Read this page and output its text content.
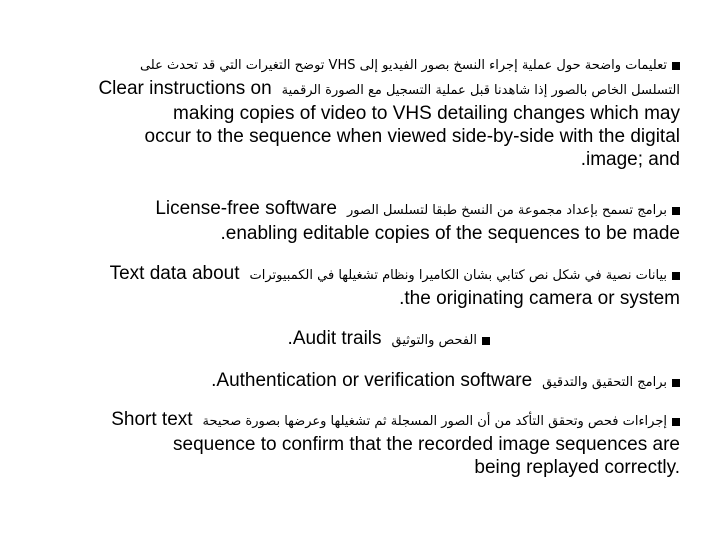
تعليمات واضحة حول عملية إجراء النسخ بصور الفيديو إلى VHS توضح التغيرات التي قد تحدث على
التسلسل الخاص بالصور إذا شاهدنا قبل عملية التسجيل مع الصورة الرقميةClear instructions on
making copies of video to VHS detailing changes which may
occur to the sequence when viewed side-by-side with the digital
image; and.
برامج تسمح بإعداد مجموعة من النسخ طبقا لتسلسل الصورLicense-free software
enabling editable copies of the sequences to be made.
بيانات نصية في شكل نص كتابي بشان الكاميرا ونظام تشغيلها في الكمبيوتراتText data about
the originating camera or system.
الفحص والتوثيقAudit trails.
برامج التحقيق والتدقيقAuthentication or verification software.
إجراءات فحص وتحقق التأكد من أن الصور المسجلة ثم تشغيلها وعرضها بصورة صحيحةShort text
sequence to confirm that the recorded image sequences are
being replayed correctly.
